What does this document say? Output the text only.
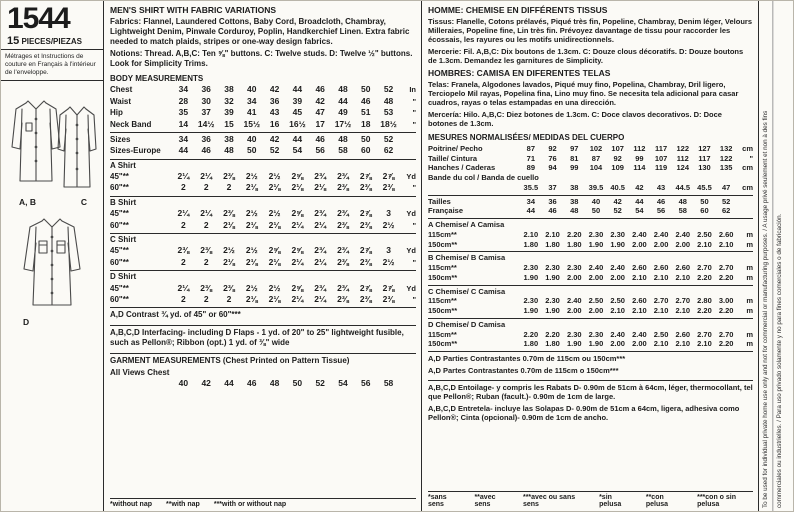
1544
15 PIECES/PIEZAS
Métrages et Instructions de couture en Français à l'intérieur de l'enveloppe.
A, B	C
D
MEN'S SHIRT WITH FABRIC VARIATIONS

Fabrics: Flannel, Laundered Cottons, Baby Cord, Broadcloth, Chambray, Lightweight Denim, Pinwale Corduroy, Poplin, Handkerchief Linen. Extra fabric needed to match plaids, stripes or one-way design fabrics.

Notions: Thread. A,B,C: Ten ⅝" buttons. C: Twelve studs. D: Twelve ½" buttons. Look for Simplicity Trims.

BODY MEASUREMENTS
Chest	34	36	38	40	42	44	46	48	50	52	In
Waist	28	30	32	34	36	39	42	44	46	48	"
Hip	35	37	39	41	43	45	47	49	51	53	"
Neck Band	14	14½	15	15½	16	16½	17	17½	18	18½	"
Sizes	34	36	38	40	42	44	46	48	50	52
Sizes-Europe	44	46	48	50	52	54	56	58	60	62
A Shirt
45"**	2¼	2¼	2⅜	2½	2½	2⅝	2¾	2¾	2⅞	2⅞	Yd
60"**	2	2	2	2⅛	2⅛	2⅛	2⅛	2⅜	2⅜	2⅜	"
B Shirt
45"**	2¼	2¼	2⅜	2½	2½	2⅝	2¾	2¾	2⅞	3	Yd
60"**	2	2	2⅛	2⅛	2⅛	2¼	2¼	2⅜	2⅜	2½	"
C Shirt
45"**	2⅜	2⅜	2½	2½	2⅝	2⅝	2¾	2¾	2⅞	3	Yd
60"**	2	2	2⅛	2⅛	2⅛	2¼	2¼	2⅜	2⅜	2½	"
D Shirt
45"**	2¼	2⅜	2⅜	2½	2½	2⅝	2¾	2¾	2⅞	2⅞	Yd
60"**	2	2	2	2⅛	2⅛	2¼	2¼	2⅜	2⅜	2⅜	"

A,D Contrast ¾ yd. of 45" or 60"***

A,B,C,D Interfacing- including D Flaps - 1 yd. of 20" to 25" lightweight fusible, such as Pellon®; Ribbon (opt.) 1 yd. of ⅜" wide

GARMENT MEASUREMENTS (Chest Printed on Pattern Tissue)
All Views Chest
40	42	44	46	48	50	52	54	56	58
*without nap **with nap ***with or without nap
HOMME: CHEMISE EN DIFFÉRENTS TISSUS

Tissus: Flanelle, Cotons prélavés, Piqué très fin, Popeline, Chambray, Denim léger, Velours Milleraies, Popeline fine, Lin très fin. Prévoyez davantage de tissu pour raccorder les écossais, les rayures ou les motifs unidirectionnels.

Mercerie: Fil. A,B,C: Dix boutons de 1.3cm. C: Douze clous décoratifs. D: Douze boutons de 1.3cm. Demandez les garnitures de Simplicity.

HOMBRES: CAMISA EN DIFERENTES TELAS

Telas: Franela, Algodones lavados, Piqué muy fino, Popelina, Chambray, Dril ligero, Terciopelo Mil rayas, Popelina fina, Lino muy fino. Se necesita tela adicional para casar cuadros, rayas o telas estampadas en una dirección.

Mercería: Hilo. A,B,C: Diez botones de 1.3cm. C: Doce clavos decorativos. D: Doce botones de 1.3cm.

MESURES NORMALISÉES/ MEDIDAS DEL CUERPO
Poitrine/ Pecho	87	92	97	102	107	112	117	122	127	132	cm
Taille/ Cintura	71	76	81	87	92	99	107	112	117	122	"
Hanches / Caderas	89	94	99	104	109	114	119	124	130	135	cm
Bande du col / Banda de cuello
35.5	37	38	39.5 40.5	42	43	44.5 45.5	47	cm
Tailles	34	36	38	40	42	44	46	48	50	52
Française	44	46	48	50	52	54	56	58	60	62
A Chemise/ A Camisa
115cm**	2.10 2.10 2.20 2.30 2.30 2.40 2.40 2.40 2.50 2.60	m
150cm**	1.80 1.80 1.80 1.90 1.90 2.00 2.00 2.00 2.10 2.10	m
B Chemise/ B Camisa
115cm**	2.30 2.30 2.30 2.40 2.40 2.60 2.60 2.60 2.70 2.70	m
150cm**	1.90 1.90 2.00 2.00 2.00 2.10 2.10 2.10 2.20 2.20	m
C Chemise/ C Camisa
115cm**	2.30 2.30 2.40 2.50 2.50 2.60 2.70 2.70 2.80 3.00	m
150cm**	1.90 1.90 2.00 2.00 2.10 2.10 2.10 2.10 2.20 2.20	m
D Chemise/ D Camisa
115cm**	2.20 2.20 2.30 2.30 2.40 2.40 2.50 2.60 2.70 2.70	m
150cm**	1.80 1.80 1.90 1.90 2.00 2.00 2.10 2.10 2.10 2.20	m

A,D Parties Contrastantes 0.70m de 115cm ou 150cm***

A,D Partes Contrastantes 0.70m de 115cm o 150cm***

A,B,C,D Entoilage- y compris les Rabats D- 0.90m de 51cm à 64cm, léger, thermocollant, tel que Pellon®; Ruban (facult.)- 0.90m de 1cm de large.

A,B,C,D Entretela- incluye las Solapas D- 0.90m de 51cm a 64cm, ligera, adhesiva como Pellon®; Cinta (opcional)- 0.90m de 1cm de ancho.

*sans sens
**avec sens
***avec ou sans sens
*sin pelusa
**con pelusa
***con o sin pelusa	To be used for individual private home use only and not for commercial or manufacturing purposes. / A usage privé seulement et non à des fins	commerciales ou industrielles. / Para uso privado solamente y no para fines comerciales o de fabricación.
